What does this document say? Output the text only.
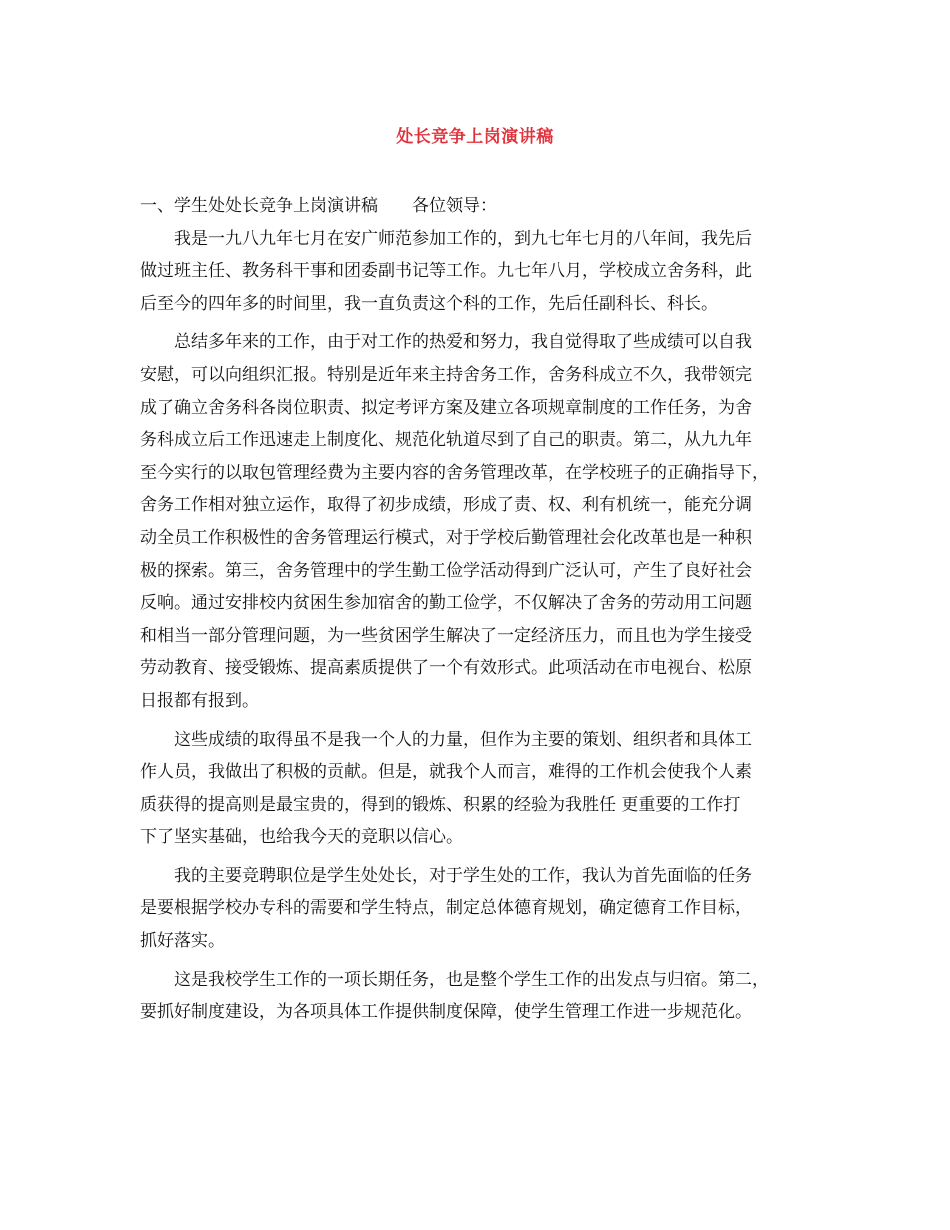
处长竞争上岗演讲稿
一、学生处处长竞争上岗演讲稿 各位领导：
我是一九八九年七月在安广师范参加工作的，到九七年七月的八年间，我先后
做过班主任、教务科干事和团委副书记等工作。九七年八月，学校成立舍务科，此
后至今的四年多的时间里，我一直负责这个科的工作，先后任副科长、科长。
总结多年来的工作，由于对工作的热爱和努力，我自觉得取了些成绩可以自我
安慰，可以向组织汇报。特别是近年来主持舍务工作，舍务科成立不久，我带领完
成了确立舍务科各岗位职责、拟定考评方案及建立各项规章制度的工作任务，为舍
务科成立后工作迅速走上制度化、规范化轨道尽到了自己的职责。第二，从九九年
至今实行的以取包管理经费为主要内容的舍务管理改革，在学校班子的正确指导下，
舍务工作相对独立运作，取得了初步成绩，形成了责、权、利有机统一，能充分调
动全员工作积极性的舍务管理运行模式，对于学校后勤管理社会化改革也是一种积
极的探索。第三，舍务管理中的学生勤工俭学活动得到广泛认可，产生了良好社会
反响。通过安排校内贫困生参加宿舍的勤工俭学，不仅解决了舍务的劳动用工问题
和相当一部分管理问题，为一些贫困学生解决了一定经济压力，而且也为学生接受
劳动教育、接受锻炼、提高素质提供了一个有效形式。此项活动在市电视台、松原
日报都有报到。
这些成绩的取得虽不是我一个人的力量，但作为主要的策划、组织者和具体工
作人员，我做出了积极的贡献。但是，就我个人而言，难得的工作机会使我个人素
质获得的提高则是最宝贵的，得到的锻炼、积累的经验为我胜任 更重要的工作打
下了坚实基础，也给我今天的竞职以信心。
我的主要竞聘职位是学生处处长，对于学生处的工作，我认为首先面临的任务
是要根据学校办专科的需要和学生特点，制定总体德育规划，确定德育工作目标，
抓好落实。
这是我校学生工作的一项长期任务，也是整个学生工作的出发点与归宿。第二，
要抓好制度建设，为各项具体工作提供制度保障，使学生管理工作进一步规范化。
